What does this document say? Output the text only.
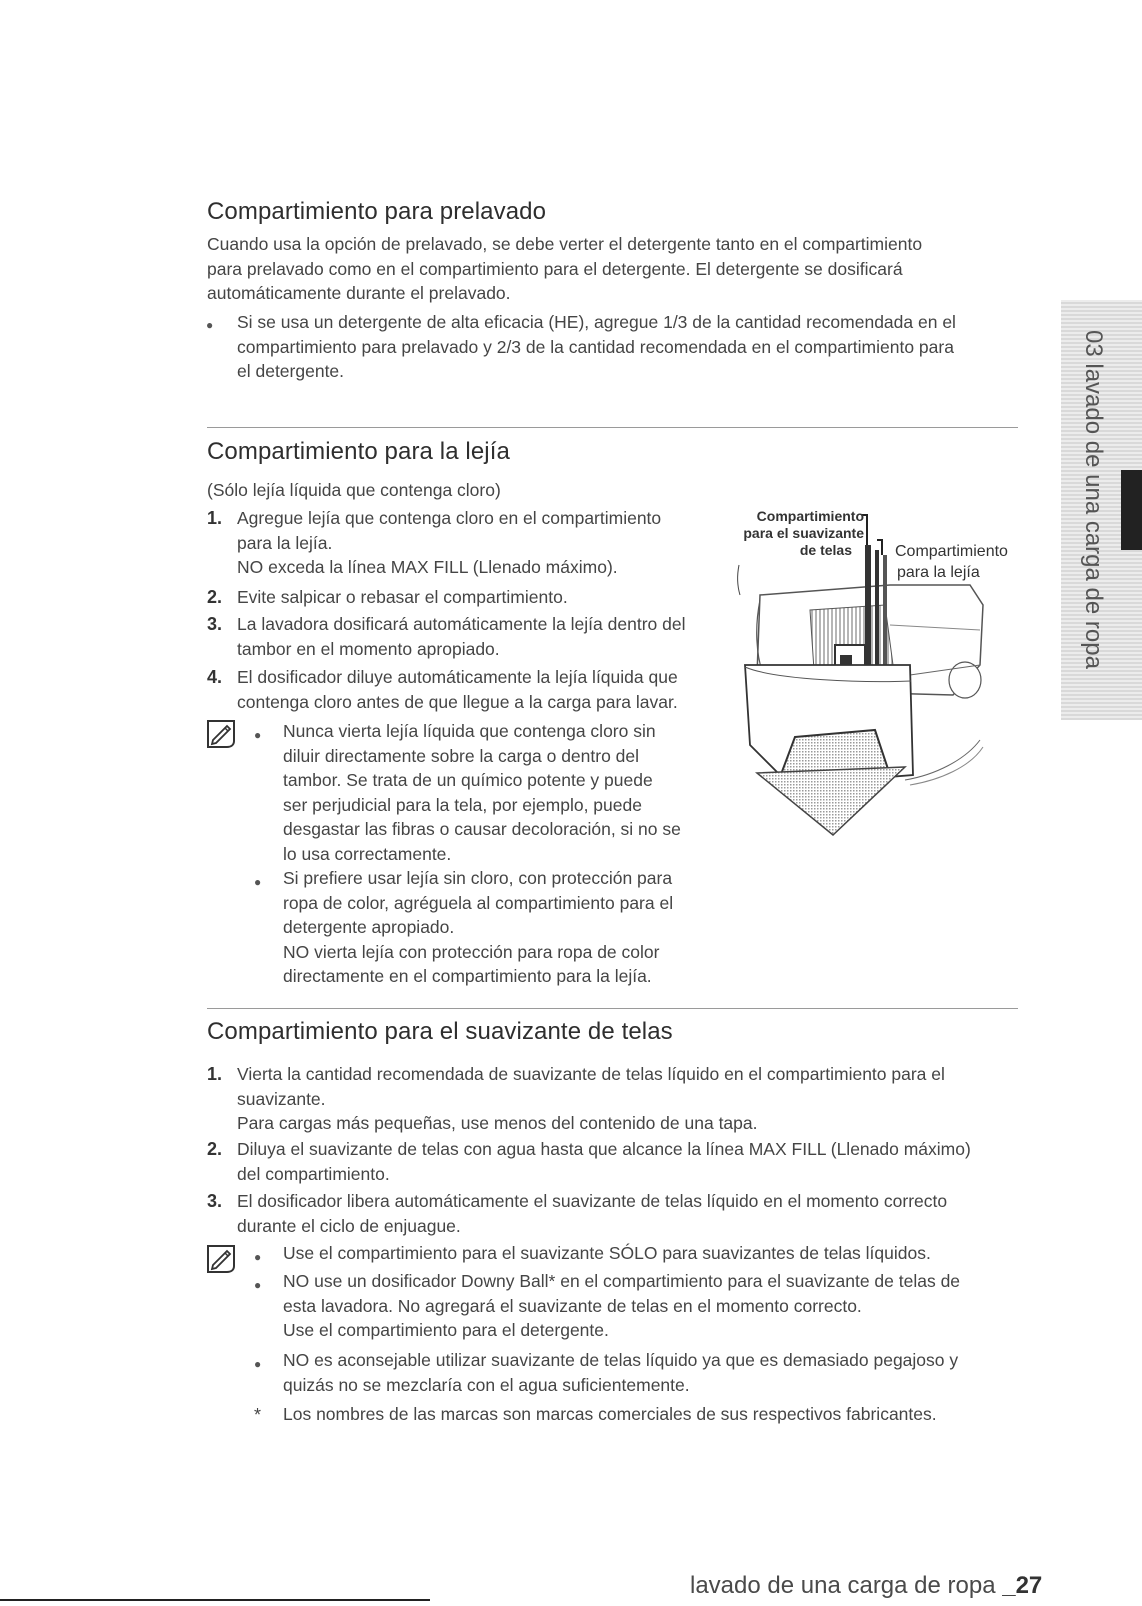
Compartimiento para prelavado
Cuando usa la opción de prelavado, se debe verter el detergente tanto en el compartimiento
para prelavado como en el compartimiento para el detergente. El detergente se dosificará
automáticamente durante el prelavado.
● Si se usa un detergente de alta eficacia (HE), agregue 1/3 de la cantidad recomendada en el
compartimiento para prelavado y 2/3 de la cantidad recomendada en el compartimiento para
el detergente.
Compartimiento para la lejía
(Sólo lejía líquida que contenga cloro)
1. Agregue lejía que contenga cloro en el compartimiento
para la lejía.
NO exceda la línea MAX FILL (Llenado máximo).
2. Evite salpicar o rebasar el compartimiento.
3. La lavadora dosificará automáticamente la lejía dentro del
tambor en el momento apropiado.
4. El dosificador diluye automáticamente la lejía líquida que
contenga cloro antes de que llegue a la carga para lavar.
● Nunca vierta lejía líquida que contenga cloro sin
diluir directamente sobre la carga o dentro del
tambor. Se trata de un químico potente y puede
ser perjudicial para la tela, por ejemplo, puede
desgastar las fibras o causar decoloración, si no se
lo usa correctamente.
● Si prefiere usar lejía sin cloro, con protección para
ropa de color, agréguela al compartimiento para el
detergente apropiado.
NO vierta lejía con protección para ropa de color
directamente en el compartimiento para la lejía.
Compartimiento
para el suavizante
de telas	Compartimiento
para la lejía
Compartimiento para el suavizante de telas
1. Vierta la cantidad recomendada de suavizante de telas líquido en el compartimiento para el
suavizante.
Para cargas más pequeñas, use menos del contenido de una tapa.
2. Diluya el suavizante de telas con agua hasta que alcance la línea MAX FILL (Llenado máximo)
del compartimiento.
3. El dosificador libera automáticamente el suavizante de telas líquido en el momento correcto
durante el ciclo de enjuague.
● Use el compartimiento para el suavizante SÓLO para suavizantes de telas líquidos.
● NO use un dosificador Downy Ball* en el compartimiento para el suavizante de telas de
esta lavadora. No agregará el suavizante de telas en el momento correcto.
Use el compartimiento para el detergente.
● NO es aconsejable utilizar suavizante de telas líquido ya que es demasiado pegajoso y
quizás no se mezclaría con el agua suficientemente.
* Los nombres de las marcas son marcas comerciales de sus respectivos fabricantes.
03 lavado de una carga de ropa
lavado de una carga de ropa _27
